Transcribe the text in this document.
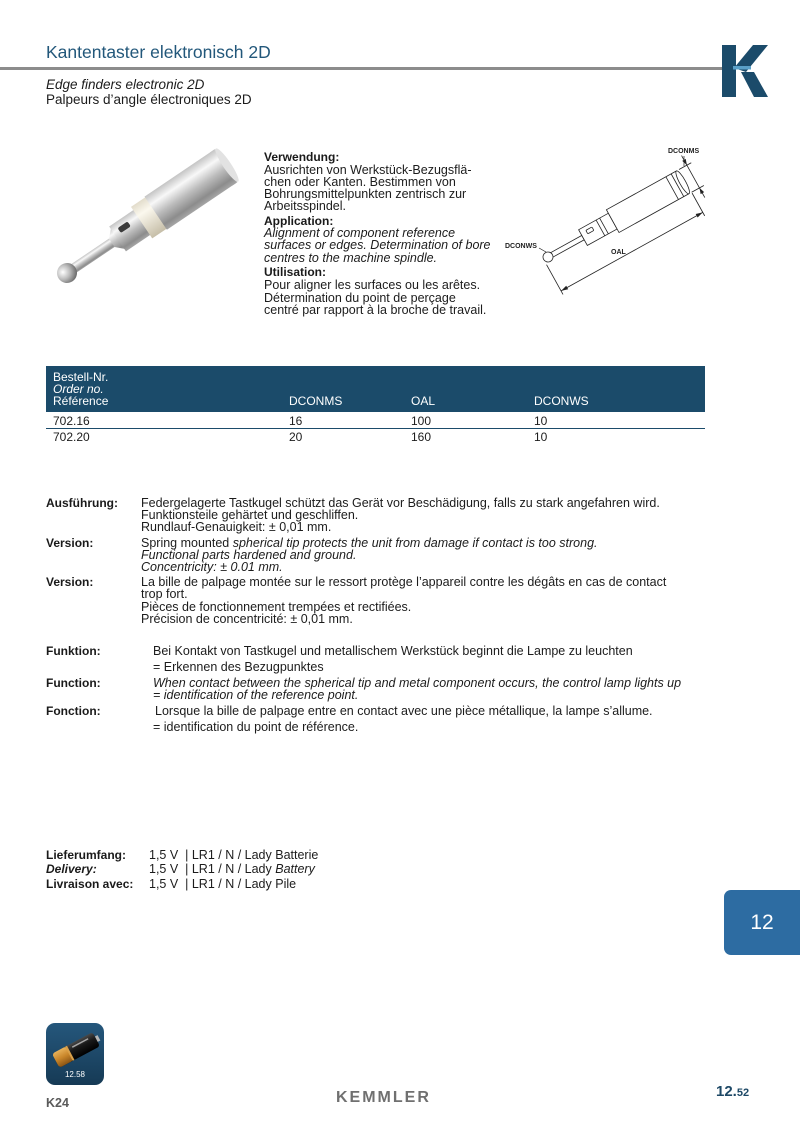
Kantentaster elektronisch 2D
Edge finders electronic 2D
Palpeurs d’angle électroniques 2D
Verwendung:
Ausrichten von Werkstück-Bezugsflä-
chen oder Kanten. Bestimmen von
Bohrungsmittelpunkten zentrisch zur
Arbeitsspindel.
Application:
Alignment of component reference
surfaces or edges. Determination of bore
centres to the machine spindle.
Utilisation:
Pour aligner les surfaces ou les arêtes.
Détermination du point de perçage
centré par rapport à la broche de travail.
DCONMS
DCONWS
OAL
Bestell-Nr.
Order no.
Référence	DCONMS	OAL	DCONWS
702.16	16	100	10
702.20	20	160	10
Ausführung: Federgelagerte Tastkugel schützt das Gerät vor Beschädigung, falls zu stark angefahren wird.
Funktionsteile gehärtet und geschliffen.
Rundlauf-Genauigkeit: ± 0,01 mm.
Version:	Spring mounted spherical tip protects the unit from damage if contact is too strong.
Functional parts hardened and ground.
Concentricity: ± 0.01 mm.
Version:	La bille de palpage montée sur le ressort protège l’appareil contre les dégâts en cas de contact
trop fort.
Pièces de fonctionnement trempées et rectifiées.
Précision de concentricité: ± 0,01 mm.
Funktion:	Bei Kontakt von Tastkugel und metallischem Werkstück beginnt die Lampe zu leuchten
= Erkennen des Bezugpunktes
Function:	When contact between the spherical tip and metal component occurs, the control lamp lights up
= identification of the reference point.
Fonction:	Lorsque la bille de palpage entre en contact avec une pièce métallique, la lampe s’allume.
= identification du point de référence.
Lieferumfang: 1,5 V  | LR1 / N / Lady Batterie
Delivery:	1,5 V  | LR1 / N / Lady Battery
Livraison avec: 1,5 V  | LR1 / N / Lady Pile
12
12.58
K24	KEMMLER	12.52
